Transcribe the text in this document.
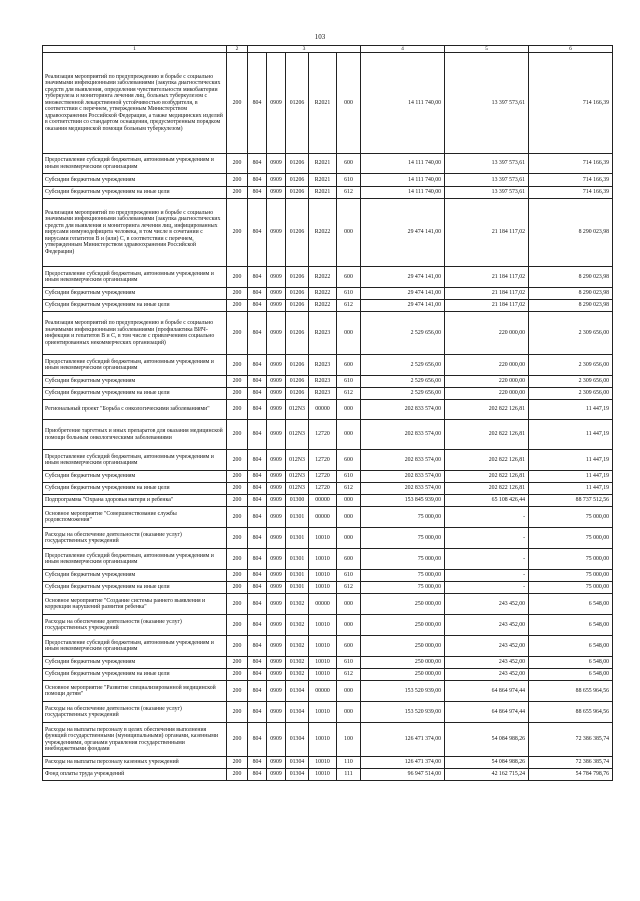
103
1	2	3					4	5	6
Реализация мероприятий по предупреждению и борьбе с социально значимыми инфекционными заболеваниями (закупка диагностических средств для выявления, определения чувствительности микобактерии туберкулеза и мониторинга лечения лиц, больных туберкулезом с множественной лекарственной устойчивостью возбудителя, в соответствии с перечнем, утвержденным Министерством здравоохранения Российской Федерации, а также медицинских изделий в соответствии со стандартом оснащения, предусмотренным порядком оказания медицинской помощи больным туберкулезом)	200	804	0909	01206	R2021	000	14 111 740,00	13 397 573,61	714 166,39
Предоставление субсидий бюджетным, автономным учреждениям и иным некоммерческим организациям	200	804	0909	01206	R2021	600	14 111 740,00	13 397 573,61	714 166,39
Субсидии бюджетным учреждениям	200	804	0909	01206	R2021	610	14 111 740,00	13 397 573,61	714 166,39
Субсидии бюджетным учреждениям на иные цели	200	804	0909	01206	R2021	612	14 111 740,00	13 397 573,61	714 166,39
Реализация мероприятий по предупреждению и борьбе с социально значимыми инфекционными заболеваниями (закупка диагностических средств для выявления и мониторинга лечения лиц, инфицированных вирусами иммунодефицита человека, в том числе в сочетании с вирусами гепатитов B и (или) C, в соответствии с перечнем, утвержденным Министерством здравоохранения Российской Федерации)	200	804	0909	01206	R2022	000	29 474 141,00	21 184 117,02	8 290 023,98
Предоставление субсидий бюджетным, автономным учреждениям и иным некоммерческим организациям	200	804	0909	01206	R2022	600	29 474 141,00	21 184 117,02	8 290 023,98
Субсидии бюджетным учреждениям	200	804	0909	01206	R2022	610	29 474 141,00	21 184 117,02	8 290 023,98
Субсидии бюджетным учреждениям на иные цели	200	804	0909	01206	R2022	612	29 474 141,00	21 184 117,02	8 290 023,98
Реализация мероприятий по предупреждению и борьбе с социально значимыми инфекционными заболеваниями (профилактика ВИЧ-инфекции и гепатитов B и C, в том числе с привлечением социально ориентированных некоммерческих организаций)	200	804	0909	01206	R2023	000	2 529 656,00	220 000,00	2 309 656,00
Предоставление субсидий бюджетным, автономным учреждениям и иным некоммерческим организациям	200	804	0909	01206	R2023	600	2 529 656,00	220 000,00	2 309 656,00
Субсидии бюджетным учреждениям	200	804	0909	01206	R2023	610	2 529 656,00	220 000,00	2 309 656,00
Субсидии бюджетным учреждениям на иные цели	200	804	0909	01206	R2023	612	2 529 656,00	220 000,00	2 309 656,00
Региональный проект "Борьба с онкологическими заболеваниями"	200	804	0909	012N3	00000	000	202 833 574,00	202 822 126,81	11 447,19
Приобретение таргетных и иных препаратов для оказания медицинской помощи больным онкологическими заболеваниями	200	804	0909	012N3	12720	000	202 833 574,00	202 822 126,81	11 447,19
Предоставление субсидий бюджетным, автономным учреждениям и иным некоммерческим организациям	200	804	0909	012N3	12720	600	202 833 574,00	202 822 126,81	11 447,19
Субсидии бюджетным учреждениям	200	804	0909	012N3	12720	610	202 833 574,00	202 822 126,81	11 447,19
Субсидии бюджетным учреждениям на иные цели	200	804	0909	012N3	12720	612	202 833 574,00	202 822 126,81	11 447,19
Подпрограмма "Охрана здоровья матери и ребенка"	200	804	0909	01300	00000	000	153 845 939,00	65 108 426,44	88 737 512,56
Основное мероприятие "Совершенствование службы родовспоможения"	200	804	0909	01301	00000	000	75 000,00	-	75 000,00
Расходы на обеспечение деятельности (оказание услуг) государственных учреждений	200	804	0909	01301	10010	000	75 000,00	-	75 000,00
Предоставление субсидий бюджетным, автономным учреждениям и иным некоммерческим организациям	200	804	0909	01301	10010	600	75 000,00	-	75 000,00
Субсидии бюджетным учреждениям	200	804	0909	01301	10010	610	75 000,00	-	75 000,00
Субсидии бюджетным учреждениям на иные цели	200	804	0909	01301	10010	612	75 000,00	-	75 000,00
Основное мероприятие "Создание системы раннего выявления и коррекции нарушений развития ребенка"	200	804	0909	01302	00000	000	250 000,00	243 452,00	6 548,00
Расходы на обеспечение деятельности (оказание услуг) государственных учреждений	200	804	0909	01302	10010	000	250 000,00	243 452,00	6 548,00
Предоставление субсидий бюджетным, автономным учреждениям и иным некоммерческим организациям	200	804	0909	01302	10010	600	250 000,00	243 452,00	6 548,00
Субсидии бюджетным учреждениям	200	804	0909	01302	10010	610	250 000,00	243 452,00	6 548,00
Субсидии бюджетным учреждениям на иные цели	200	804	0909	01302	10010	612	250 000,00	243 452,00	6 548,00
Основное мероприятие "Развитие специализированной медицинской помощи детям"	200	804	0909	01304	00000	000	153 520 939,00	64 864 974,44	88 655 964,56
Расходы на обеспечение деятельности (оказание услуг) государственных учреждений	200	804	0909	01304	10010	000	153 520 939,00	64 864 974,44	88 655 964,56
Расходы на выплаты персоналу в целях обеспечения выполнения функций государственными (муниципальными) органами, казенными учреждениями, органами управления государственными внебюджетными фондами	200	804	0909	01304	10010	100	126 471 374,00	54 084 988,26	72 386 385,74
Расходы на выплаты персоналу казенных учреждений	200	804	0909	01304	10010	110	126 471 374,00	54 084 988,26	72 386 385,74
Фонд оплаты труда учреждений	200	804	0909	01304	10010	111	96 947 514,00	42 162 715,24	54 784 798,76
